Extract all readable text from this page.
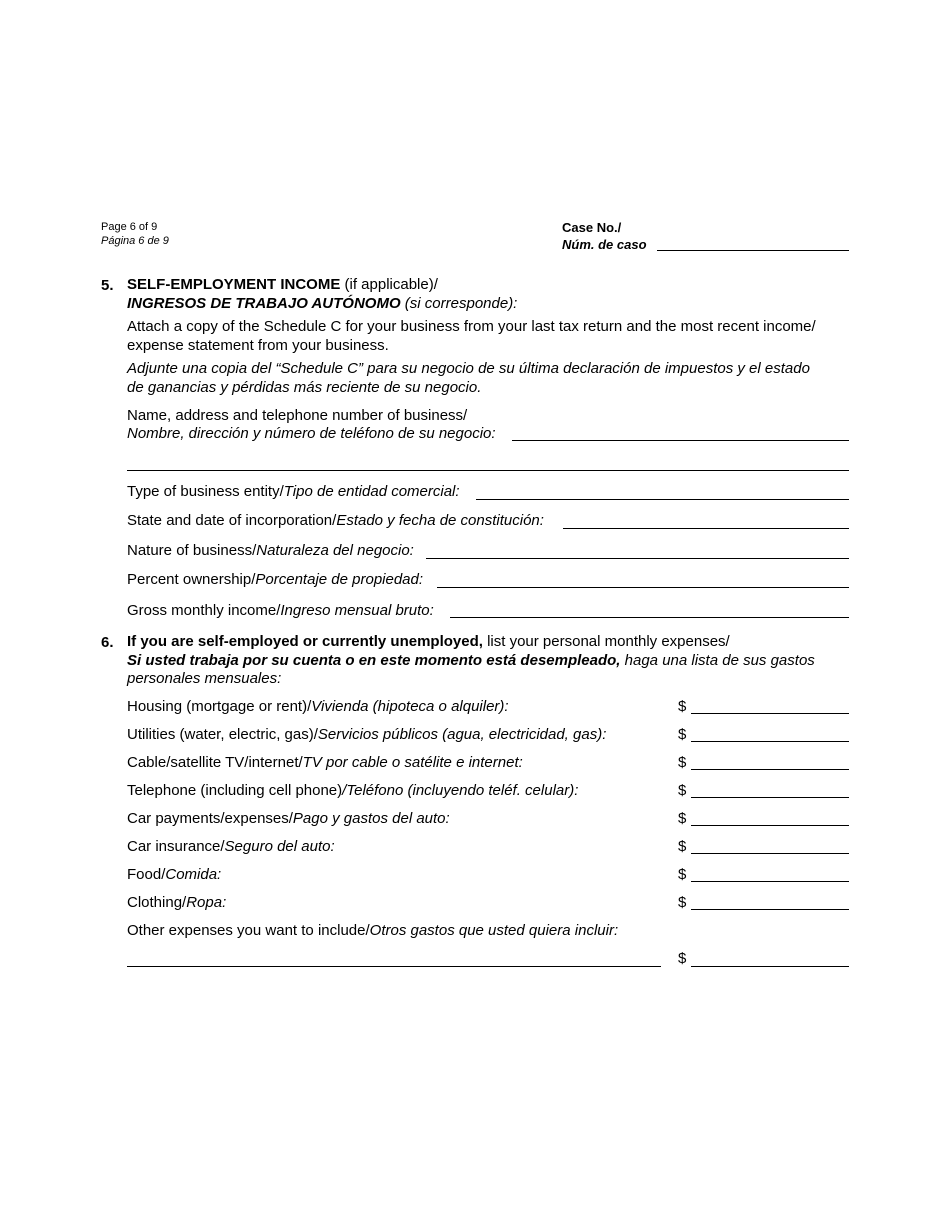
Page 6 of 9
Página 6 de 9
Case No./
Núm. de caso
5. SELF-EMPLOYMENT INCOME (if applicable)/
INGRESOS DE TRABAJO AUTÓNOMO (si corresponde):
Attach a copy of the Schedule C for your business from your last tax return and the most recent income/
expense statement from your business.
Adjunte una copia del “Schedule C” para su negocio de su última declaración de impuestos y el estado
de ganancias y pérdidas más reciente de su negocio.
Name, address and telephone number of business/
Nombre, dirección y número de teléfono de su negocio:
Type of business entity/Tipo de entidad comercial:
State and date of incorporation/Estado y fecha de constitución:
Nature of business/Naturaleza del negocio:
Percent ownership/Porcentaje de propiedad:
Gross monthly income/Ingreso mensual bruto:
6. If you are self-employed or currently unemployed, list your personal monthly expenses/
Si usted trabaja por su cuenta o en este momento está desempleado, haga una lista de sus gastos
personales mensuales:
Housing (mortgage or rent)/Vivienda (hipoteca o alquiler):	$
Utilities (water, electric, gas)/Servicios públicos (agua, electricidad, gas):	$
Cable/satellite TV/internet/TV por cable o satélite e internet:	$
Telephone (including cell phone)/Teléfono (incluyendo teléf. celular):	$
Car payments/expenses/Pago y gastos del auto:	$
Car insurance/Seguro del auto:	$
Food/Comida:	$
Clothing/Ropa:	$
Other expenses you want to include/Otros gastos que usted quiera incluir:
$
